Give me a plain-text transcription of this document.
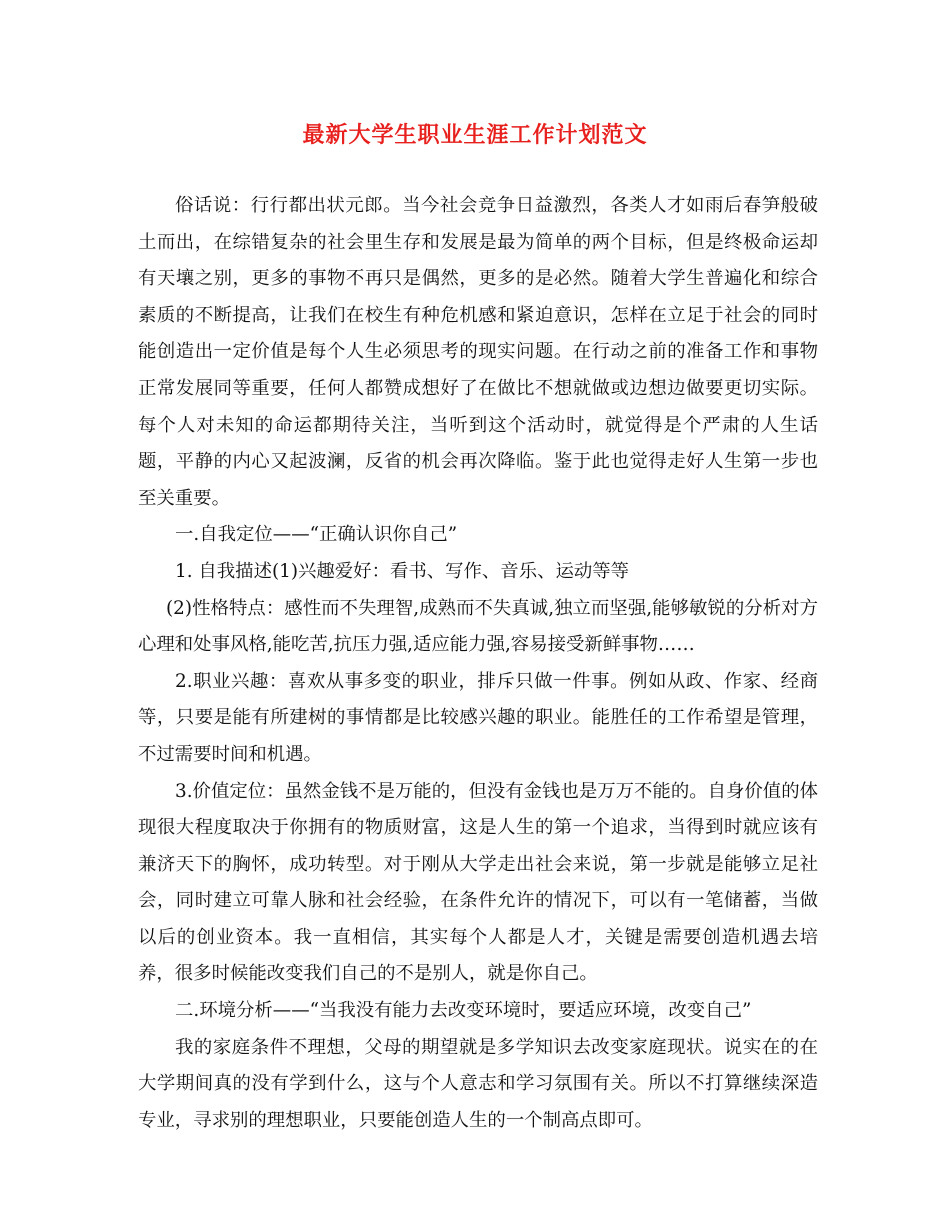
最新大学生职业生涯工作计划范文

俗话说：行行都出状元郎。当今社会竞争日益激烈，各类人才如雨后春笋般破土而出，在综错复杂的社会里生存和发展是最为简单的两个目标，但是终极命运却有天壤之别，更多的事物不再只是偶然，更多的是必然。随着大学生普遍化和综合素质的不断提高，让我们在校生有种危机感和紧迫意识，怎样在立足于社会的同时能创造出一定价值是每个人生必须思考的现实问题。在行动之前的准备工作和事物正常发展同等重要，任何人都赞成想好了在做比不想就做或边想边做要更切实际。每个人对未知的命运都期待关注，当听到这个活动时，就觉得是个严肃的人生话题，平静的内心又起波澜，反省的机会再次降临。鉴于此也觉得走好人生第一步也至关重要。

一.自我定位——“正确认识你自己”

1. 自我描述(1)兴趣爱好：看书、写作、音乐、运动等等

(2)性格特点：感性而不失理智,成熟而不失真诚,独立而坚强,能够敏锐的分析对方心理和处事风格,能吃苦,抗压力强,适应能力强,容易接受新鲜事物……

2.职业兴趣：喜欢从事多变的职业，排斥只做一件事。例如从政、作家、经商等，只要是能有所建树的事情都是比较感兴趣的职业。能胜任的工作希望是管理，不过需要时间和机遇。

3.价值定位：虽然金钱不是万能的，但没有金钱也是万万不能的。自身价值的体现很大程度取决于你拥有的物质财富，这是人生的第一个追求，当得到时就应该有兼济天下的胸怀，成功转型。对于刚从大学走出社会来说，第一步就是能够立足社会，同时建立可靠人脉和社会经验，在条件允许的情况下，可以有一笔储蓄，当做以后的创业资本。我一直相信，其实每个人都是人才，关键是需要创造机遇去培养，很多时候能改变我们自己的不是别人，就是你自己。

二.环境分析——“当我没有能力去改变环境时，要适应环境，改变自己”

我的家庭条件不理想，父母的期望就是多学知识去改变家庭现状。说实在的在大学期间真的没有学到什么，这与个人意志和学习氛围有关。所以不打算继续深造专业，寻求别的理想职业，只要能创造人生的一个制高点即可。
